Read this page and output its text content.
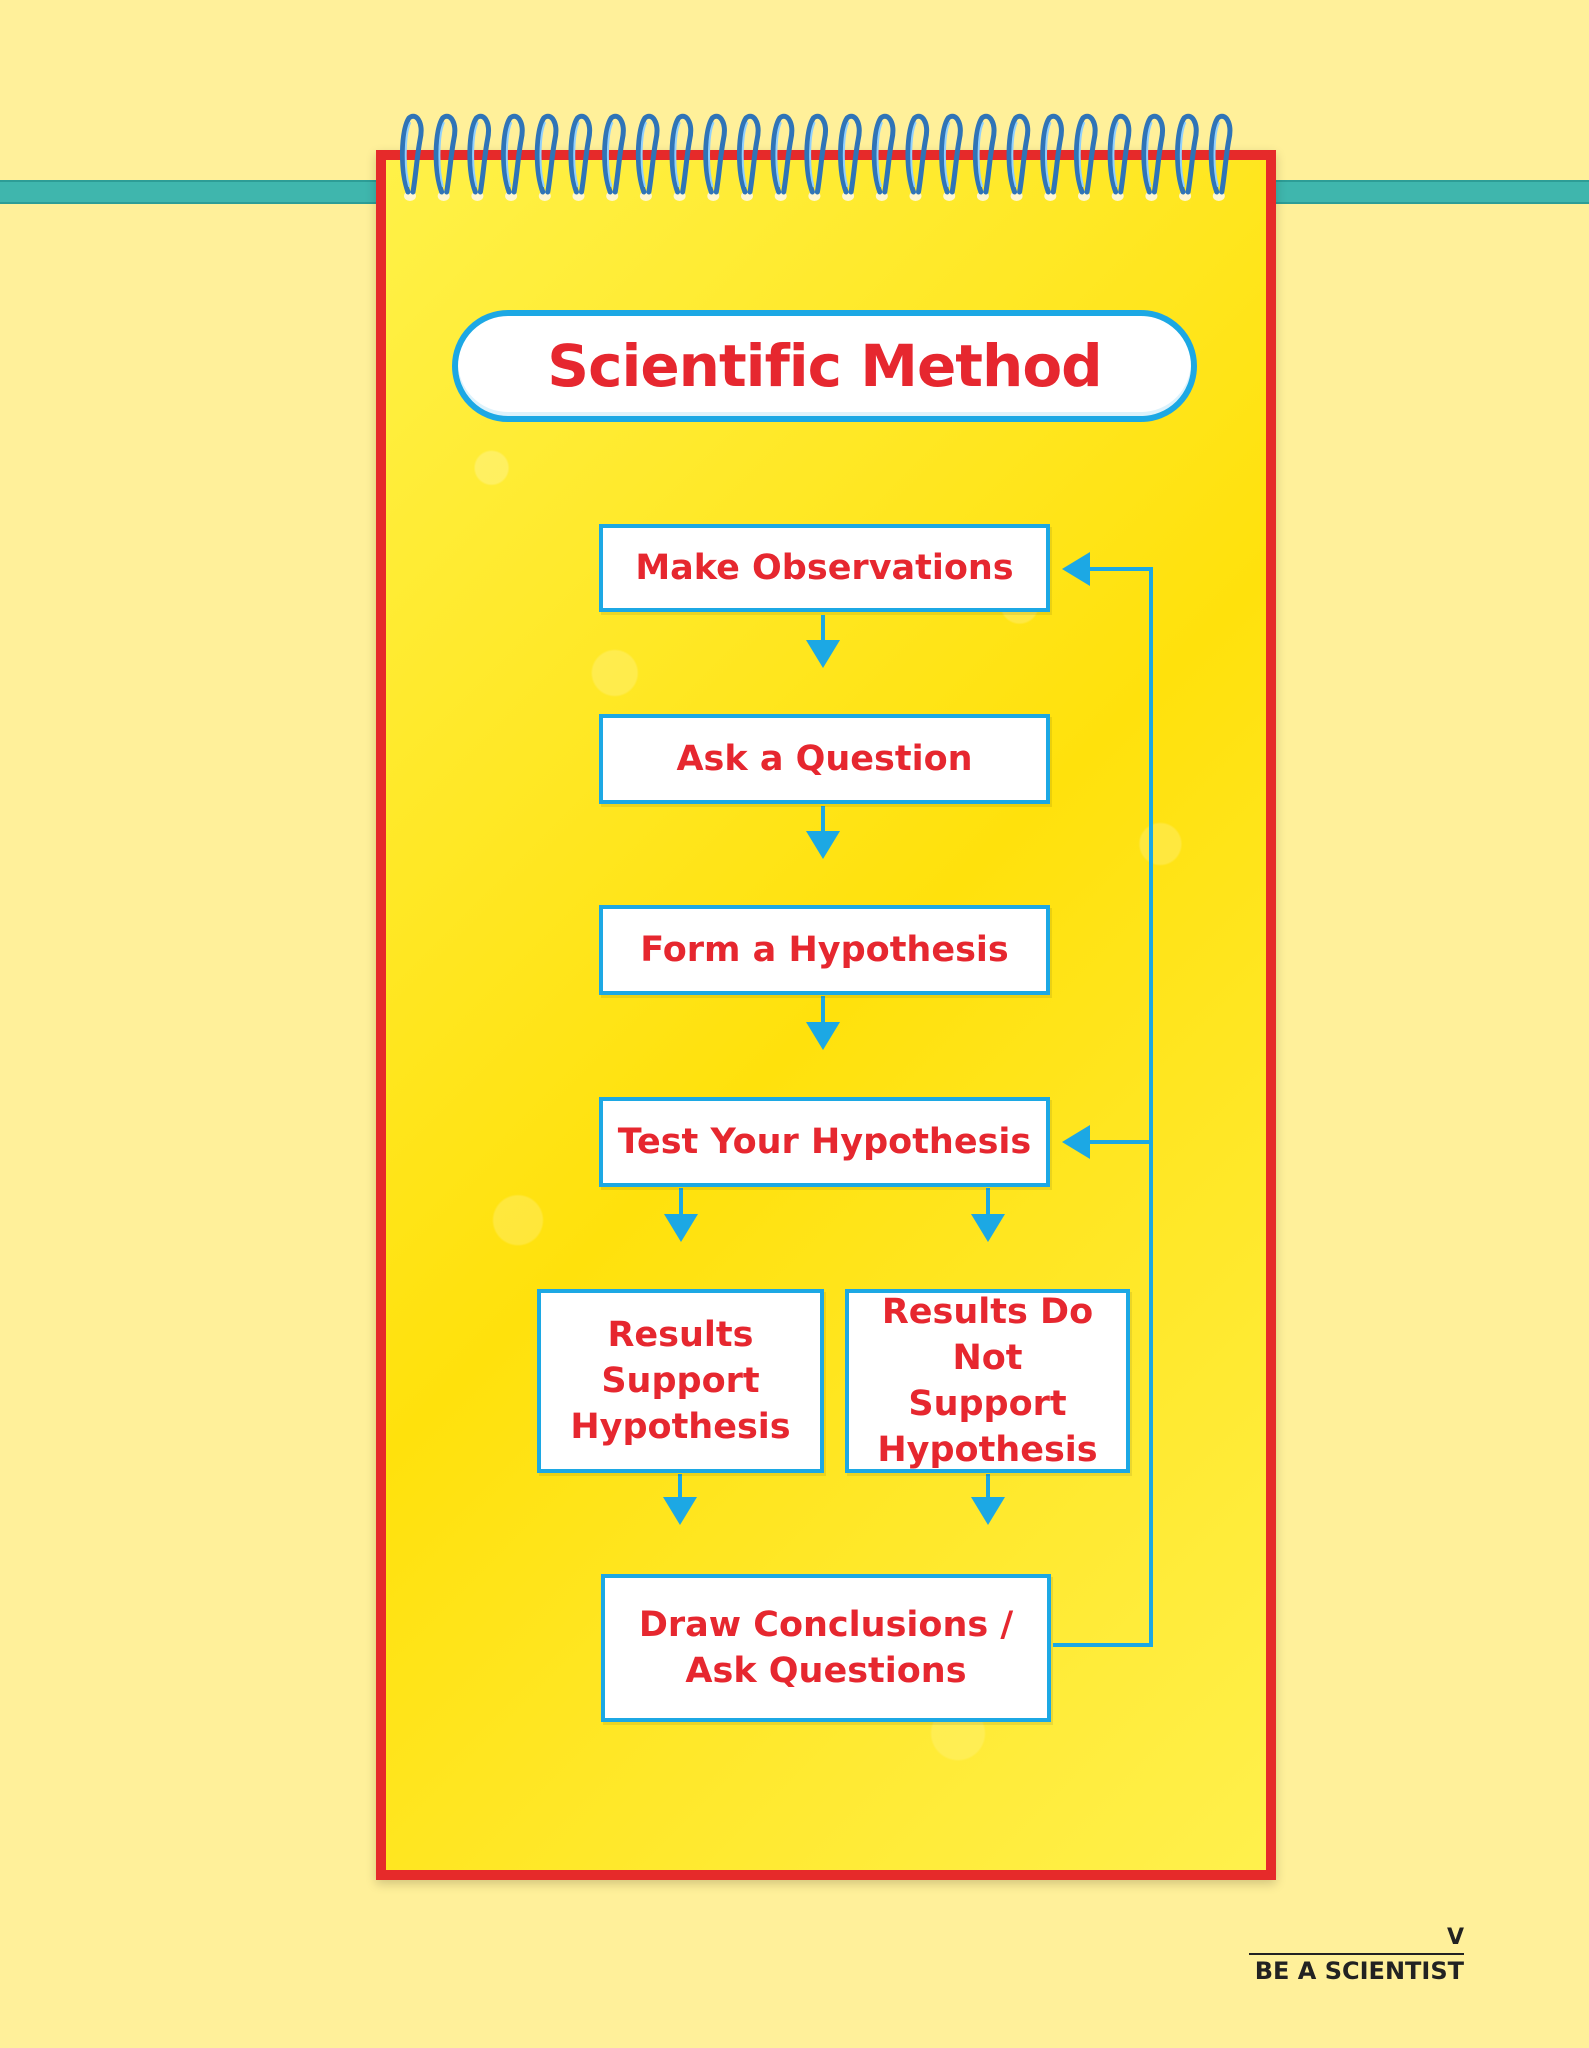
Scientific Method
Make Observations
Ask a Question
Form a Hypothesis
Test Your Hypothesis
Results
Support
Hypothesis
Results Do Not
Support
Hypothesis
Draw Conclusions /
Ask Questions
V
BE A SCIENTIST
